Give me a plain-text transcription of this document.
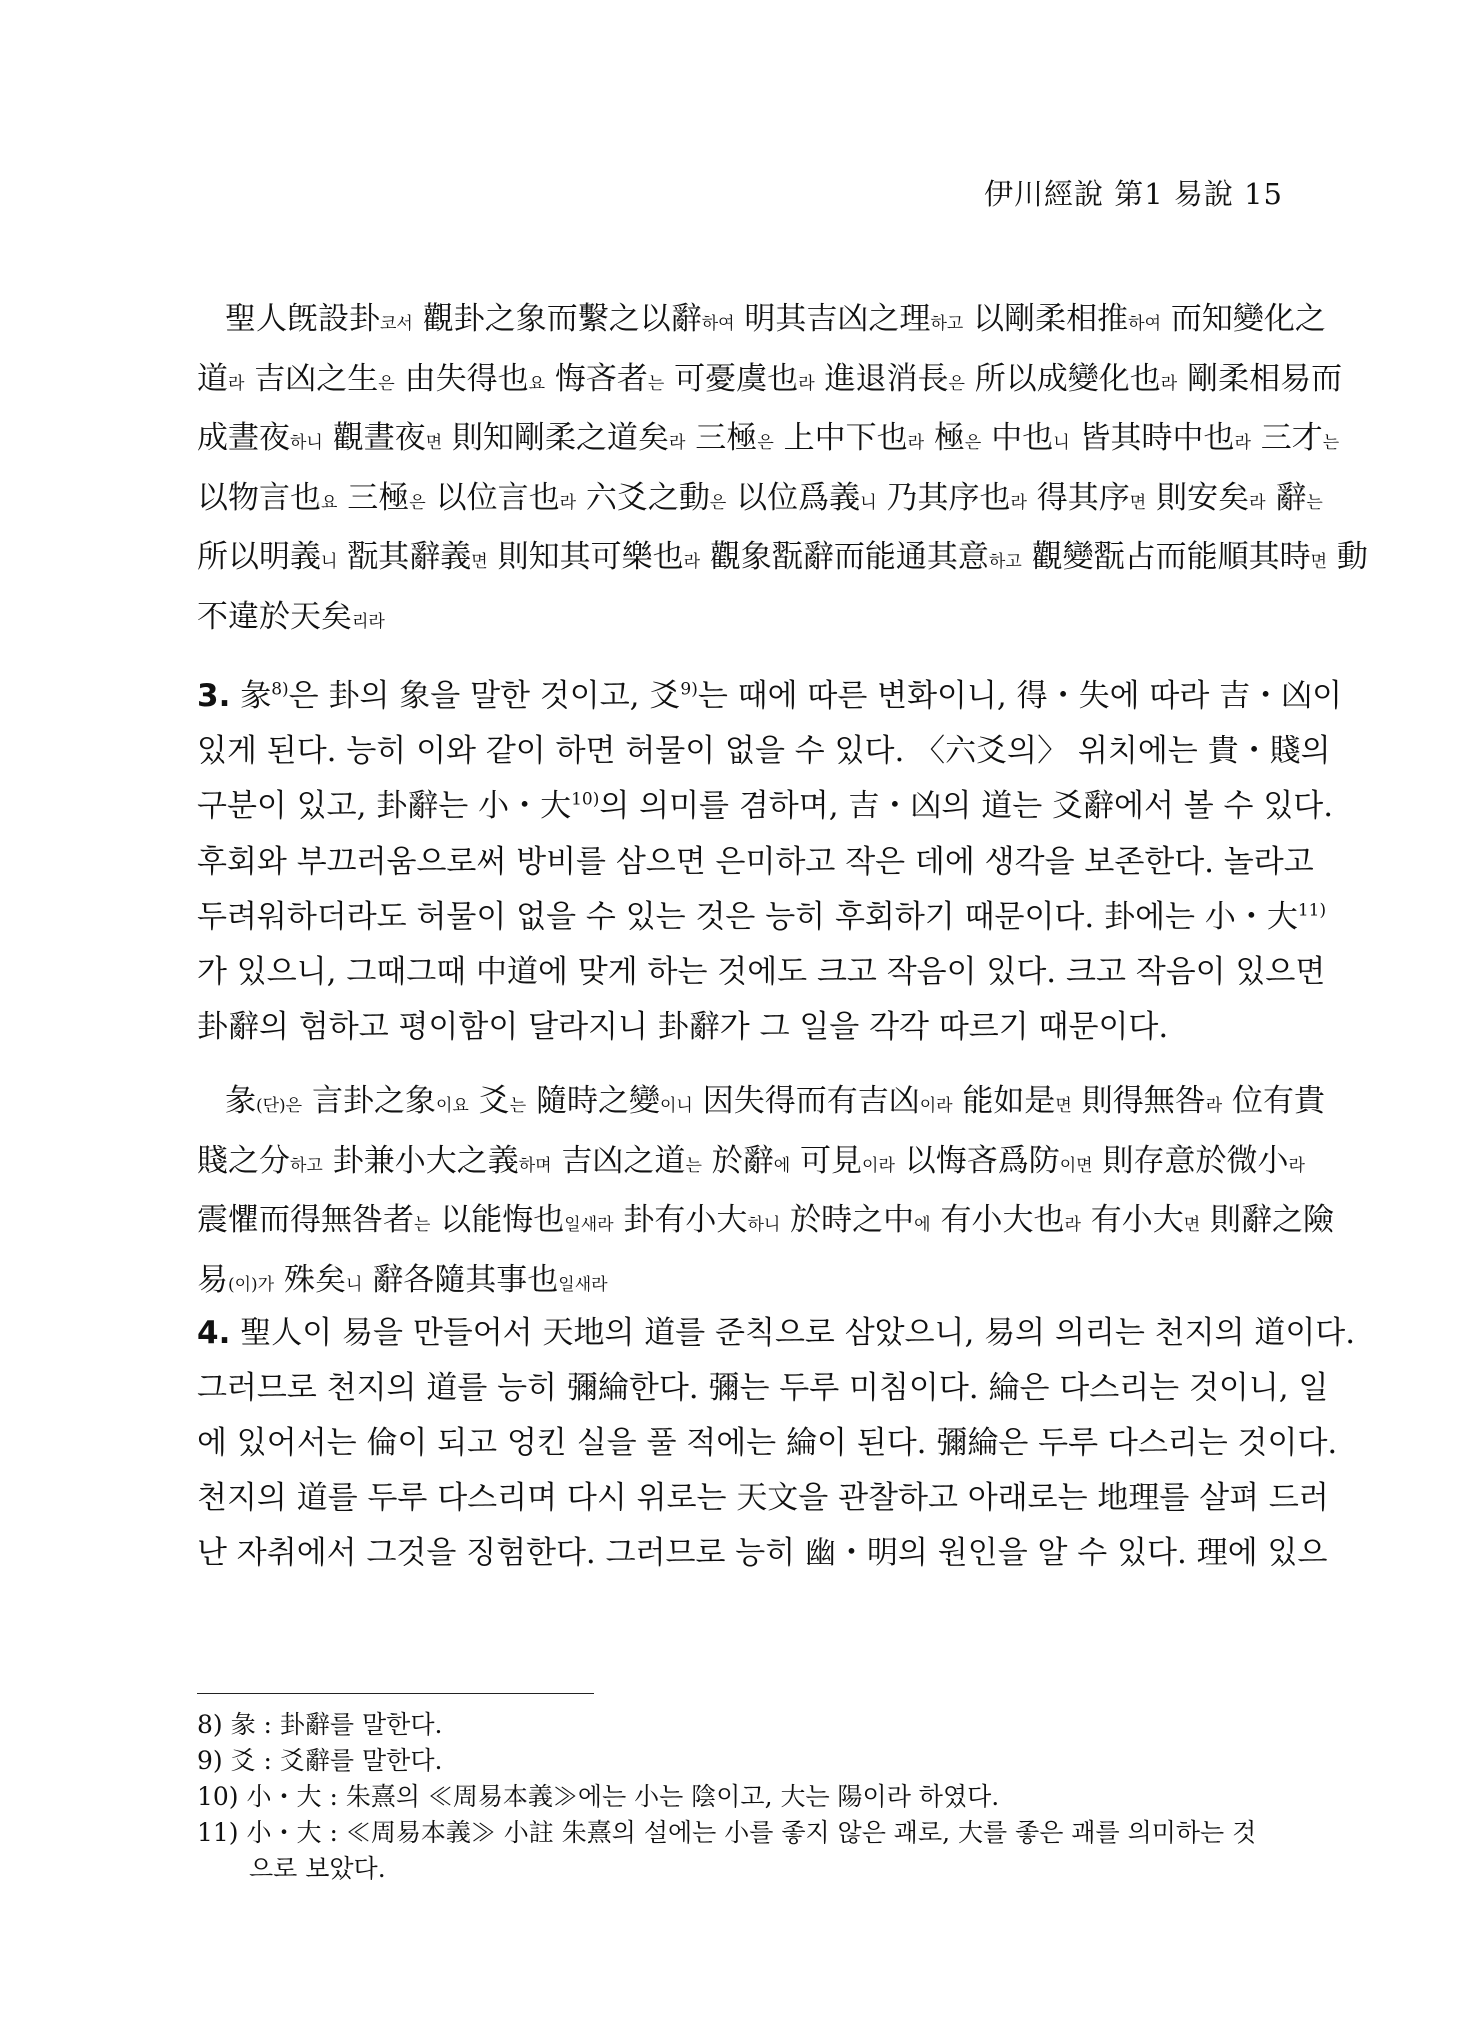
伊川經說 第1 易說 15
聖人旣設卦코서 觀卦之象而繫之以辭하여 明其吉凶之理하고 以剛柔相推하여 而知變化之
道라 吉凶之生은 由失得也요 悔吝者는 可憂虞也라 進退消長은 所以成變化也라 剛柔相易而
成晝夜하니 觀晝夜면 則知剛柔之道矣라 三極은 上中下也라 極은 中也니 皆其時中也라 三才는
以物言也요 三極은 以位言也라 六爻之動은 以位爲義니 乃其序也라 得其序면 則安矣라 辭는
所以明義니 翫其辭義면 則知其可樂也라 觀象翫辭而能通其意하고 觀變翫占而能順其時면 動
不違於天矣리라
3. 彖$^{8)}$은 卦의 象을 말한 것이고, 爻$^{9)}$는 때에 따른 변화이니, 得・失에 따라 吉・凶이
있게 된다. 능히 이와 같이 하면 허물이 없을 수 있다. 〈六爻의〉 위치에는 貴・賤의
구분이 있고, 卦辭는 小・大$^{10)}$의 의미를 겸하며, 吉・凶의 道는 爻辭에서 볼 수 있다.
후회와 부끄러움으로써 방비를 삼으면 은미하고 작은 데에 생각을 보존한다. 놀라고
두려워하더라도 허물이 없을 수 있는 것은 능히 후회하기 때문이다. 卦에는 小・大$^{11)}$
가 있으니, 그때그때 中道에 맞게 하는 것에도 크고 작음이 있다. 크고 작음이 있으면
卦辭의 험하고 평이함이 달라지니 卦辭가 그 일을 각각 따르기 때문이다.
彖(단)은 言卦之象이요 爻는 隨時之變이니 因失得而有吉凶이라 能如是면 則得無咎라 位有貴
賤之分하고 卦兼小大之義하며 吉凶之道는 於辭에 可見이라 以悔吝爲防이면 則存意於微小라
震懼而得無咎者는 以能悔也일새라 卦有小大하니 於時之中에 有小大也라 有小大면 則辭之險
易(이)가 殊矣니 辭各隨其事也일새라
4. 聖人이 易을 만들어서 天地의 道를 준칙으로 삼았으니, 易의 의리는 천지의 道이다.
그러므로 천지의 道를 능히 彌綸한다. 彌는 두루 미침이다. 綸은 다스리는 것이니, 일
에 있어서는 倫이 되고 엉킨 실을 풀 적에는 綸이 된다. 彌綸은 두루 다스리는 것이다.
천지의 道를 두루 다스리며 다시 위로는 天文을 관찰하고 아래로는 地理를 살펴 드러
난 자취에서 그것을 징험한다. 그러므로 능히 幽・明의 원인을 알 수 있다. 理에 있으
8) 彖 : 卦辭를 말한다.
9) 爻 : 爻辭를 말한다.
10) 小・大 : 朱熹의 ≪周易本義≫에는 小는 陰이고, 大는 陽이라 하였다.
11) 小・大 : ≪周易本義≫ 小註 朱熹의 설에는 小를 좋지 않은 괘로, 大를 좋은 괘를 의미하는 것
으로 보았다.
